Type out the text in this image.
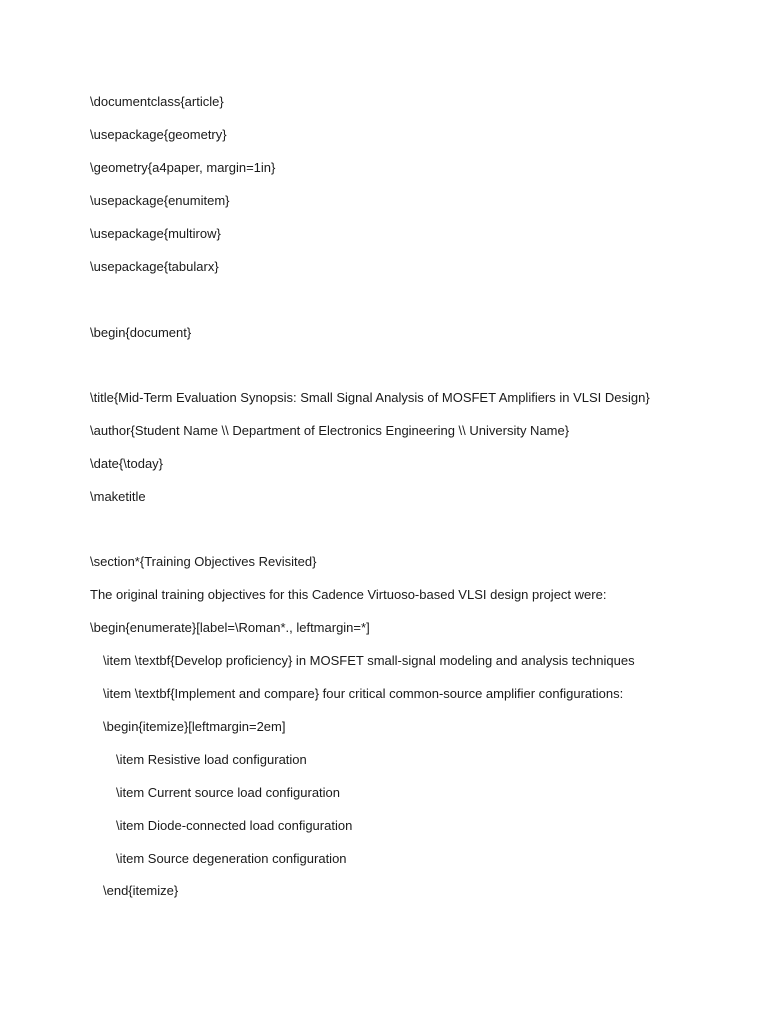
\documentclass{article}
\usepackage{geometry}
\geometry{a4paper, margin=1in}
\usepackage{enumitem}
\usepackage{multirow}
\usepackage{tabularx}
\begin{document}
\title{Mid-Term Evaluation Synopsis: Small Signal Analysis of MOSFET Amplifiers in VLSI Design}
\author{Student Name \\ Department of Electronics Engineering \\ University Name}
\date{\today}
\maketitle
\section*{Training Objectives Revisited}
The original training objectives for this Cadence Virtuoso-based VLSI design project were:
\begin{enumerate}[label=\Roman*., leftmargin=*]
\item \textbf{Develop proficiency} in MOSFET small-signal modeling and analysis techniques
\item \textbf{Implement and compare} four critical common-source amplifier configurations:
\begin{itemize}[leftmargin=2em]
\item Resistive load configuration
\item Current source load configuration
\item Diode-connected load configuration
\item Source degeneration configuration
\end{itemize}
